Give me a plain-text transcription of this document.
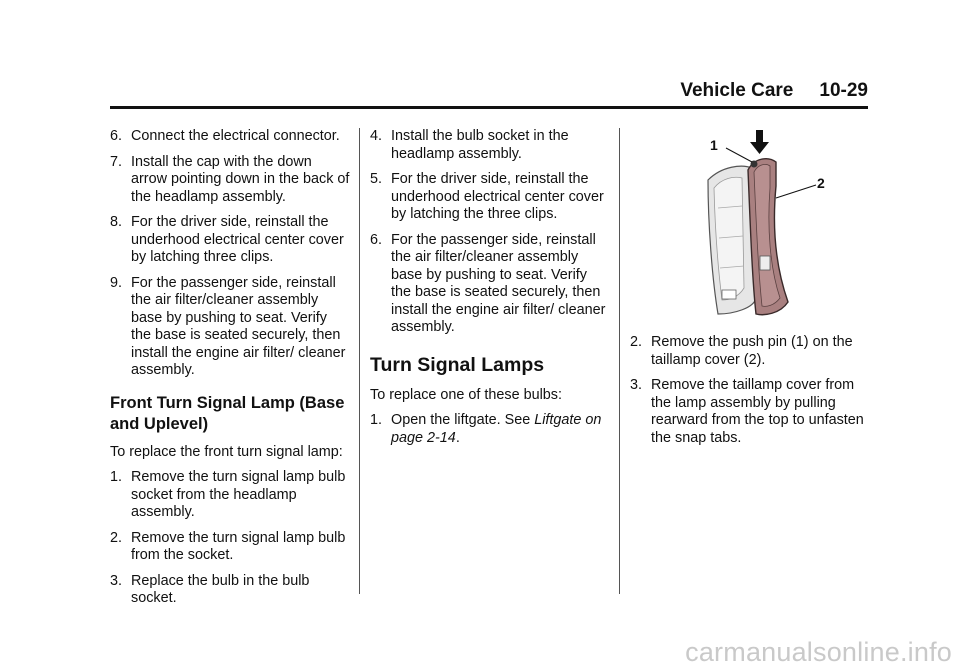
Vehicle Care 10-29
6. Connect the electrical connector.
7. Install the cap with the down arrow pointing down in the back of the headlamp assembly.
8. For the driver side, reinstall the underhood electrical center cover by latching three clips.
9. For the passenger side, reinstall the air filter/cleaner assembly base by pushing to seat. Verify the base is seated securely, then install the engine air filter/ cleaner assembly.
Front Turn Signal Lamp (Base and Uplevel)
To replace the front turn signal lamp:
1. Remove the turn signal lamp bulb socket from the headlamp assembly.
2. Remove the turn signal lamp bulb from the socket.
3. Replace the bulb in the bulb socket.
4. Install the bulb socket in the headlamp assembly.
5. For the driver side, reinstall the underhood electrical center cover by latching the three clips.
6. For the passenger side, reinstall the air filter/cleaner assembly base by pushing to seat. Verify the base is seated securely, then install the engine air filter/ cleaner assembly.
Turn Signal Lamps
To replace one of these bulbs:
1. Open the liftgate. See Liftgate on page 2-14.
1
2
2. Remove the push pin (1) on the taillamp cover (2).
3. Remove the taillamp cover from the lamp assembly by pulling rearward from the top to unfasten the snap tabs.
carmanualsonline.info
